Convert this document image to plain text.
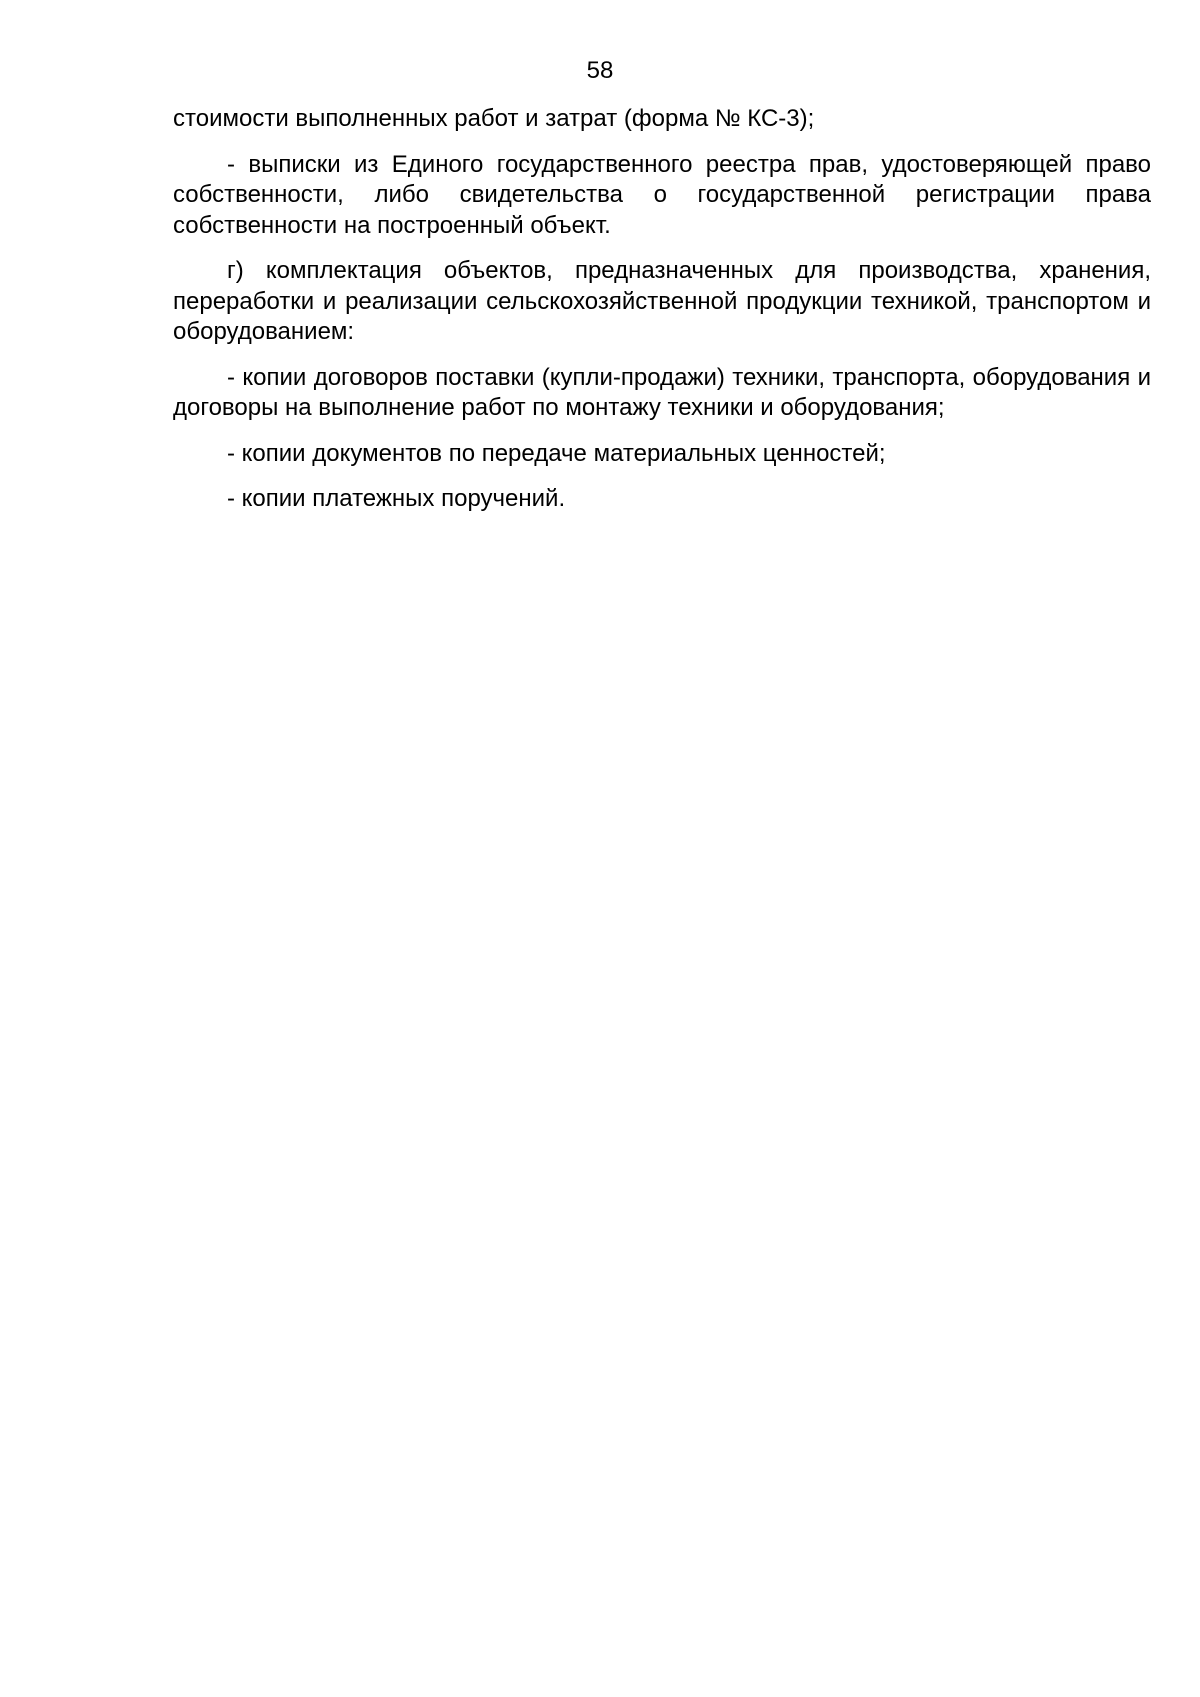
58

стоимости выполненных работ и затрат (форма № КС-3);

- выписки из Единого государственного реестра прав, удостоверяющей право собственности, либо свидетельства о государственной регистрации права собственности на построенный объект.

г) комплектация объектов, предназначенных для производства, хранения, переработки и реализации сельскохозяйственной продукции техникой, транспортом и оборудованием:

- копии договоров поставки (купли-продажи) техники, транспорта, оборудования и договоры на выполнение работ по монтажу техники и оборудования;

- копии документов по передаче материальных ценностей;

- копии платежных поручений.
